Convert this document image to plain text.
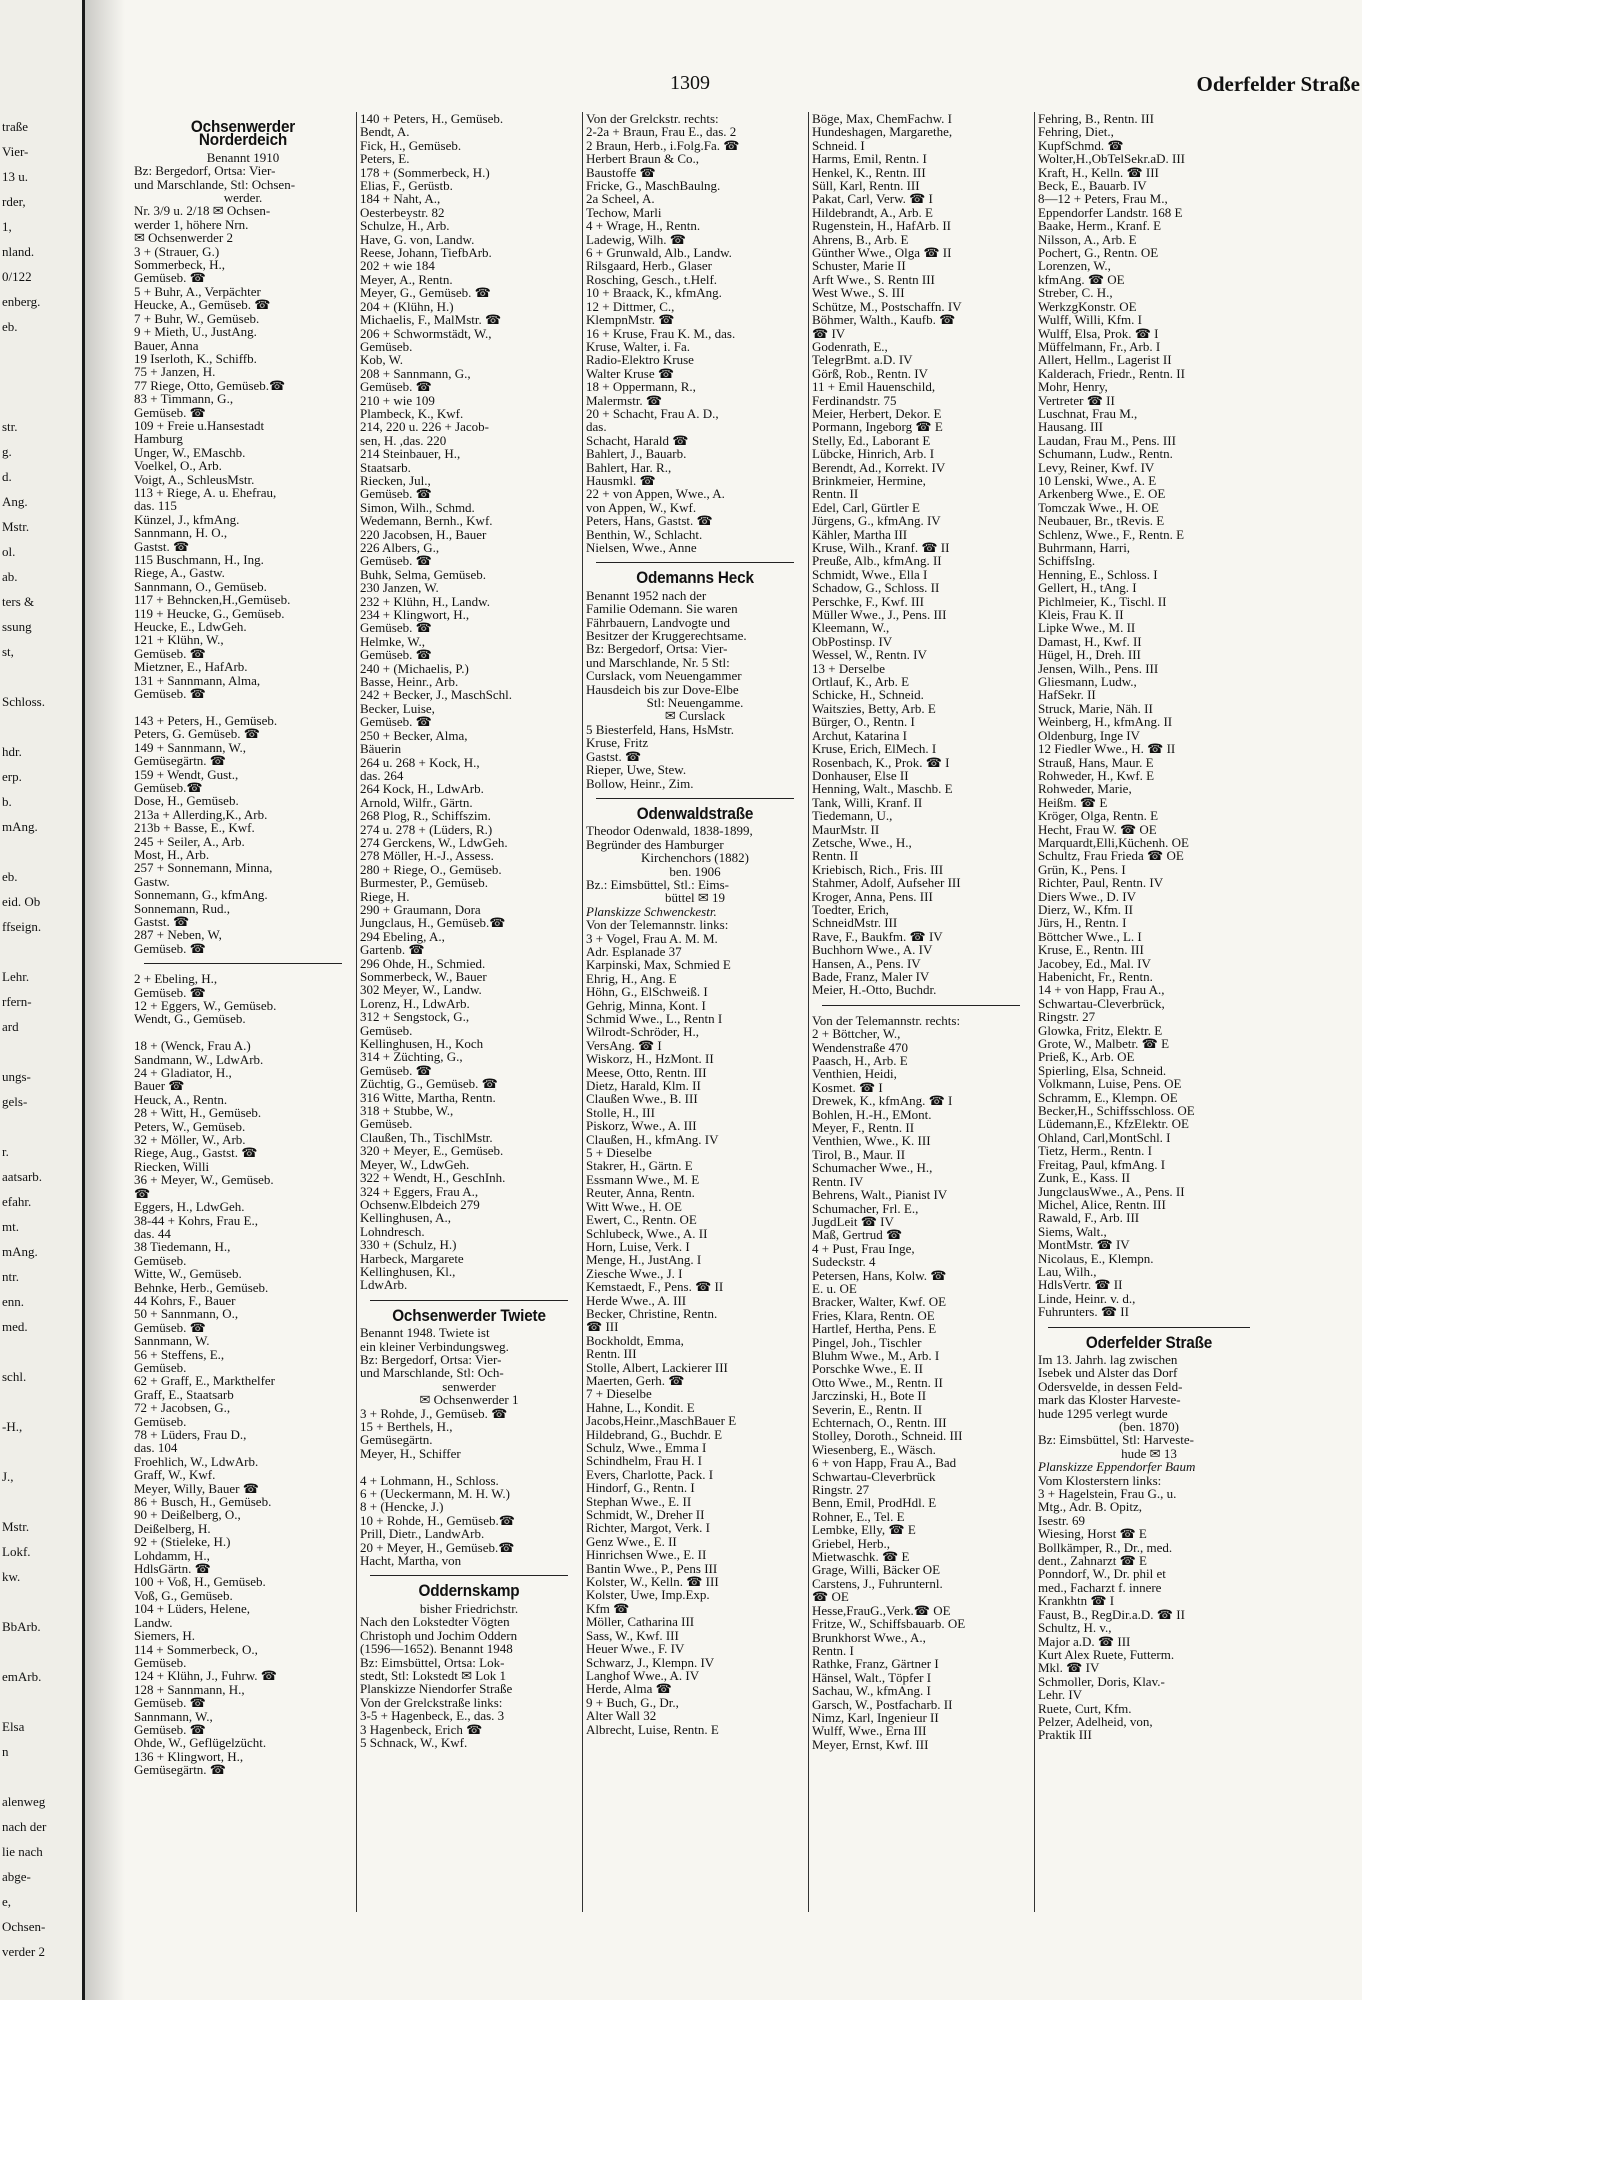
traße
Vier-
13 u.
rder,
1,
nland.
0/122
enberg.
eb.
str.
g.
d.
Ang.
Mstr.
ol.
ab.
ters &
ssung
st,
Schloss.
hdr.
erp.
b.
mAng.
eb.
eid. Ob
ffseign.
Lehr.
rfern-
ard
ungs-
gels-
r.
aatsarb.
efahr.
mt.
mAng.
ntr.
enn.
med.
schl.
-H.,
J.,
Mstr.
Lokf.
kw.
BbArb.
emArb.
Elsa
n
alenweg
nach der
lie nach
abge-
e,
Ochsen-
verder 2
1309	Oderfelder Straße
Ochsenwerder Norderdeich
Benannt 1910
Bz: Bergedorf, Ortsa: Vier-
und Marschlande, Stl: Ochsen-
werder.
Nr. 3/9 u. 2/18 ✉ Ochsen-
werder 1, höhere Nrn.
✉ Ochsenwerder 2
3 + (Strauer, G.)
Sommerbeck, H.,
Gemüseb. ☎
5 + Buhr, A., Verpächter
Heucke, A., Gemüseb. ☎
7 + Buhr, W., Gemüseb.
9 + Mieth, U., JustAng.
Bauer, Anna
19 Iserloth, K., Schiffb.
75 + Janzen, H.
77 Riege, Otto, Gemüseb.☎
83 + Timmann, G.,
Gemüseb. ☎
109 + Freie u.Hansestadt
Hamburg
Unger, W., EMaschb.
Voelkel, O., Arb.
Voigt, A., SchleusMstr.
113 + Riege, A. u. Ehefrau,
das. 115
Künzel, J., kfmAng.
Sannmann, H. O.,
Gastst. ☎
115 Buschmann, H., Ing.
Riege, A., Gastw.
Sannmann, O., Gemüseb.
117 + Behncken,H.,Gemüseb.
119 + Heucke, G., Gemüseb.
Heucke, E., LdwGeh.
121 + Klühn, W.,
Gemüseb. ☎
Mietzner, E., HafArb.
131 + Sannmann, Alma,
Gemüseb. ☎

143 + Peters, H., Gemüseb.
Peters, G. Gemüseb. ☎
149 + Sannmann, W.,
Gemüsegärtn. ☎
159 + Wendt, Gust.,
Gemüseb.☎
Dose, H., Gemüseb.
213a + Allerding,K., Arb.
213b + Basse, E., Kwf.
245 + Seiler, A., Arb.
Most, H., Arb.
257 + Sonnemann, Minna,
Gastw.
Sonnemann, G., kfmAng.
Sonnemann, Rud.,
Gastst. ☎
287 + Neben, W,
Gemüseb. ☎
2 + Ebeling, H.,
Gemüseb. ☎
12 + Eggers, W., Gemüseb.
Wendt, G., Gemüseb.

18 + (Wenck, Frau A.)
Sandmann, W., LdwArb.
24 + Gladiator, H.,
Bauer ☎
Heuck, A., Rentn.
28 + Witt, H., Gemüseb.
Peters, W., Gemüseb.
32 + Möller, W., Arb.
Riege, Aug., Gastst. ☎
Riecken, Willi
36 + Meyer, W., Gemüseb.
☎
Eggers, H., LdwGeh.
38-44 + Kohrs, Frau E.,
das. 44
38 Tiedemann, H.,
Gemüseb.
Witte, W., Gemüseb.
Behnke, Herb., Gemüseb.
44 Kohrs, F., Bauer
50 + Sannmann, O.,
Gemüseb. ☎
Sannmann, W.
56 + Steffens, E.,
Gemüseb.
62 + Graff, E., Markthelfer
Graff, E., Staatsarb
72 + Jacobsen, G.,
Gemüseb.
78 + Lüders, Frau D.,
das. 104
Froehlich, W., LdwArb.
Graff, W., Kwf.
Meyer, Willy, Bauer ☎
86 + Busch, H., Gemüseb.
90 + Deißelberg, O.,
Deißelberg, H.
92 + (Stieleke, H.)
Lohdamm, H.,
HdlsGärtn. ☎
100 + Voß, H., Gemüseb.
Voß, G., Gemüseb.
104 + Lüders, Helene,
Landw.
Siemers, H.
114 + Sommerbeck, O.,
Gemüseb.
124 + Klühn, J., Fuhrw. ☎
128 + Sannmann, H.,
Gemüseb. ☎
Sannmann, W.,
Gemüseb. ☎
Ohde, W., Geflügelzücht.
136 + Klingwort, H.,
Gemüsegärtn. ☎
140 + Peters, H., Gemüseb.
Bendt, A.
Fick, H., Gemüseb.
Peters, E.
178 + (Sommerbeck, H.)
Elias, F., Gerüstb.
184 + Naht, A.,
Oesterbeystr. 82
Schulze, H., Arb.
Have, G. von, Landw.
Reese, Johann, TiefbArb.
202 + wie 184
Meyer, A., Rentn.
Meyer, G., Gemüseb. ☎
204 + (Klühn, H.)
Michaelis, F., MalMstr. ☎
206 + Schwormstädt, W.,
Gemüseb.
Kob, W.
208 + Sannmann, G.,
Gemüseb. ☎
210 + wie 109
Plambeck, K., Kwf.
214, 220 u. 226 + Jacob-
sen, H. ,das. 220
214 Steinbauer, H.,
Staatsarb.
Riecken, Jul.,
Gemüseb. ☎
Simon, Wilh., Schmd.
Wedemann, Bernh., Kwf.
220 Jacobsen, H., Bauer
226 Albers, G.,
Gemüseb. ☎
Buhk, Selma, Gemüseb.
230 Janzen, W.
232 + Klühn, H., Landw.
234 + Klingwort, H.,
Gemüseb. ☎
Helmke, W.,
Gemüseb. ☎
240 + (Michaelis, P.)
Basse, Heinr., Arb.
242 + Becker, J., MaschSchl.
Becker, Luise,
Gemüseb. ☎
250 + Becker, Alma,
Bäuerin
264 u. 268 + Kock, H.,
das. 264
264 Kock, H., LdwArb.
Arnold, Wilfr., Gärtn.
268 Plog, R., Schiffszim.
274 u. 278 + (Lüders, R.)
274 Gerckens, W., LdwGeh.
278 Möller, H.-J., Assess.
280 + Riege, O., Gemüseb.
Burmester, P., Gemüseb.
Riege, H.
290 + Graumann, Dora
Jungclaus, H., Gemüseb.☎
294 Ebeling, A.,
Gartenb. ☎
296 Ohde, H., Schmied.
Sommerbeck, W., Bauer
302 Meyer, W., Landw.
Lorenz, H., LdwArb.
312 + Sengstock, G.,
Gemüseb.
Kellinghusen, H., Koch
314 + Züchting, G.,
Gemüseb. ☎
Züchtig, G., Gemüseb. ☎
316 Witte, Martha, Rentn.
318 + Stubbe, W.,
Gemüseb.
Claußen, Th., TischlMstr.
320 + Meyer, E., Gemüseb.
Meyer, W., LdwGeh.
322 + Wendt, H., GeschInh.
324 + Eggers, Frau A.,
Ochsenw.Elbdeich 279
Kellinghusen, A.,
Lohndresch.
330 + (Schulz, H.)
Harbeck, Margarete
Kellinghusen, Kl.,
LdwArb.
Ochsenwerder Twiete
Benannt 1948. Twiete ist
ein kleiner Verbindungsweg.
Bz: Bergedorf, Ortsa: Vier-
und Marschlande, Stl: Och-
senwerder
✉ Ochsenwerder 1
3 + Rohde, J., Gemüseb. ☎
15 + Berthels, H.,
Gemüsegärtn.
Meyer, H., Schiffer

4 + Lohmann, H., Schloss.
6 + (Ueckermann, M. H. W.)
8 + (Hencke, J.)
10 + Rohde, H., Gemüseb.☎
Prill, Dietr., LandwArb.
20 + Meyer, H., Gemüseb.☎
Hacht, Martha, von
Oddernskamp
bisher Friedrichstr.
Nach den Lokstedter Vögten
Christoph und Jochim Oddern
(1596—1652). Benannt 1948
Bz: Eimsbüttel, Ortsa: Lok-
stedt, Stl: Lokstedt ✉ Lok 1
Planskizze Niendorfer Straße
Von der Grelckstraße links:
3-5 + Hagenbeck, E., das. 3
3 Hagenbeck, Erich ☎
5 Schnack, W., Kwf.
Von der Grelckstr. rechts:
2-2a + Braun, Frau E., das. 2
2 Braun, Herb., i.Folg.Fa. ☎
Herbert Braun & Co.,
Baustoffe ☎
Fricke, G., MaschBaulng.
2a Scheel, A.
Techow, Marli
4 + Wrage, H., Rentn.
Ladewig, Wilh. ☎
6 + Grunwald, Alb., Landw.
Rilsgaard, Herb., Glaser
Rosching, Gesch., t.Helf.
10 + Braack, K., kfmAng.
12 + Dittmer, C.,
KlempnMstr. ☎
16 + Kruse, Frau K. M., das.
Kruse, Walter, i. Fa.
Radio-Elektro Kruse
Walter Kruse ☎
18 + Oppermann, R.,
Malermstr. ☎
20 + Schacht, Frau A. D.,
das.
Schacht, Harald ☎
Bahlert, J., Bauarb.
Bahlert, Har. R.,
Hausmkl. ☎
22 + von Appen, Wwe., A.
von Appen, W., Kwf.
Peters, Hans, Gastst. ☎
Benthin, W., Schlacht.
Nielsen, Wwe., Anne
Odemanns Heck
Benannt 1952 nach der
Familie Odemann. Sie waren
Fährbauern, Landvogte und
Besitzer der Kruggerechtsame.
Bz: Bergedorf, Ortsa: Vier-
und Marschlande, Nr. 5 Stl:
Curslack, vom Neuengammer
Hausdeich bis zur Dove-Elbe
Stl: Neuengamme.
✉ Curslack
5 Biesterfeld, Hans, HsMstr.
Kruse, Fritz
Gastst. ☎
Rieper, Uwe, Stew.
Bollow, Heinr., Zim.
Odenwaldstraße
Theodor Odenwald, 1838-1899,
Begründer des Hamburger
Kirchenchors (1882)
ben. 1906
Bz.: Eimsbüttel, Stl.: Eims-
büttel ✉ 19
Planskizze Schwenckestr.
Von der Telemannstr. links:
3 + Vogel, Frau A. M. M.
Adr. Esplanade 37
Karpinski, Max, Schmied E
Ehrig, H., Ang. E
Höhn, G., ElSchweiß. I
Gehrig, Minna, Kont. I
Schmid Wwe., L., Rentn I
Wilrodt-Schröder, H.,
VersAng. ☎ I
Wiskorz, H., HzMont. II
Meese, Otto, Rentn. III
Dietz, Harald, Klm. II
Claußen Wwe., B. III
Stolle, H., III
Piskorz, Wwe., A. III
Claußen, H., kfmAng. IV
5 + Dieselbe
Stakrer, H., Gärtn. E
Essmann Wwe., M. E
Reuter, Anna, Rentn.
Witt Wwe., H. OE
Ewert, C., Rentn. OE
Schlubeck, Wwe., A. II
Horn, Luise, Verk. I
Menge, H., JustAng. I
Ziesche Wwe., J. I
Kemstaedt, F., Pens. ☎ II
Herde Wwe., A. III
Becker, Christine, Rentn.
☎ III
Bockholdt, Emma,
Rentn. III
Stolle, Albert, Lackierer III
Maerten, Gerh. ☎
7 + Dieselbe
Hahne, L., Kondit. E
Jacobs,Heinr.,MaschBauer E
Hildebrand, G., Buchdr. E
Schulz, Wwe., Emma I
Schindhelm, Frau H. I
Evers, Charlotte, Pack. I
Hindorf, G., Rentn. I
Stephan Wwe., E. II
Schmidt, W., Dreher II
Richter, Margot, Verk. I
Genz Wwe., E. II
Hinrichsen Wwe., E. II
Bantin Wwe., P., Pens III
Kolster, W., Kelln. ☎ III
Kolster, Uwe, Imp.Exp.
Kfm ☎
Möller, Catharina III
Sass, W., Kwf. III
Heuer Wwe., F. IV
Schwarz, J., Klempn. IV
Langhof Wwe., A. IV
Herde, Alma ☎
9 + Buch, G., Dr.,
Alter Wall 32
Albrecht, Luise, Rentn. E
Böge, Max, ChemFachw. I
Hundeshagen, Margarethe,
Schneid. I
Harms, Emil, Rentn. I
Henkel, K., Rentn. III
Süll, Karl, Rentn. III
Pakat, Carl, Verw. ☎ I
Hildebrandt, A., Arb. E
Rugenstein, H., HafArb. II
Ahrens, B., Arb. E
Günther Wwe., Olga ☎ II
Schuster, Marie II
Arft Wwe., S. Rentn III
West Wwe., S. III
Schütze, M., Postschaffn. IV
Böhmer, Walth., Kaufb. ☎
☎ IV
Godenrath, E.,
TelegrBmt. a.D. IV
Görß, Rob., Rentn. IV
11 + Emil Hauenschild,
Ferdinandstr. 75
Meier, Herbert, Dekor. E
Pormann, Ingeborg ☎ E
Stelly, Ed., Laborant E
Lübcke, Hinrich, Arb. I
Berendt, Ad., Korrekt. IV
Brinkmeier, Hermine,
Rentn. II
Edel, Carl, Gürtler E
Jürgens, G., kfmAng. IV
Kähler, Martha III
Kruse, Wilh., Kranf. ☎ II
Preuße, Alb., kfmAng. II
Schmidt, Wwe., Ella I
Schadow, G., Schloss. II
Perschke, F., Kwf. III
Müller Wwe., J., Pens. III
Kleemann, W.,
ObPostinsp. IV
Wessel, W., Rentn. IV
13 + Derselbe
Ortlauf, K., Arb. E
Schicke, H., Schneid.
Waitszies, Betty, Arb. E
Bürger, O., Rentn. I
Archut, Katarina I
Kruse, Erich, ElMech. I
Rosenbach, K., Prok. ☎ I
Donhauser, Else II
Henning, Walt., Maschb. E
Tank, Willi, Kranf. II
Tiedemann, U.,
MaurMstr. II
Zetsche, Wwe., H.,
Rentn. II
Kriebisch, Rich., Fris. III
Stahmer, Adolf, Aufseher III
Kroger, Anna, Pens. III
Toedter, Erich,
SchneidMstr. III
Rave, F., Baukfm. ☎ IV
Buchhorn Wwe., A. IV
Hansen, A., Pens. IV
Bade, Franz, Maler IV
Meier, H.-Otto, Buchdr.
Von der Telemannstr. rechts:
2 + Böttcher, W.,
Wendenstraße 470
Paasch, H., Arb. E
Venthien, Heidi,
Kosmet. ☎ I
Drewek, K., kfmAng. ☎ I
Bohlen, H.-H., EMont.
Meyer, F., Rentn. II
Venthien, Wwe., K. III
Tirol, B., Maur. II
Schumacher Wwe., H.,
Rentn. IV
Behrens, Walt., Pianist IV
Schumacher, Frl. E.,
JugdLeit ☎ IV
Maß, Gertrud ☎
4 + Pust, Frau Inge,
Sudeckstr. 4
Petersen, Hans, Kolw. ☎
E. u. OE
Bracker, Walter, Kwf. OE
Fries, Klara, Rentn. OE
Hartlef, Hertha, Pens. E
Pingel, Joh., Tischler
Bluhm Wwe., M., Arb. I
Porschke Wwe., E. II
Otto Wwe., M., Rentn. II
Jarczinski, H., Bote II
Severin, E., Rentn. II
Echternach, O., Rentn. III
Stolley, Doroth., Schneid. III
Wiesenberg, E., Wäsch.
6 + von Happ, Frau A., Bad
Schwartau-Cleverbrück
Ringstr. 27
Benn, Emil, ProdHdl. E
Rohner, E., Tel. E
Lembke, Elly, ☎ E
Griebel, Herb.,
Mietwaschk. ☎ E
Grage, Willi, Bäcker OE
Carstens, J., Fuhrunternl.
☎ OE
Hesse,FrauG.,Verk.☎ OE
Fritze, W., Schiffsbauarb. OE
Brunkhorst Wwe., A.,
Rentn. I
Rathke, Franz, Gärtner I
Hänsel, Walt., Töpfer I
Sachau, W., kfmAng. I
Garsch, W., Postfacharb. II
Nimz, Karl, Ingenieur II
Wulff, Wwe., Erna III
Meyer, Ernst, Kwf. III
Fehring, B., Rentn. III
Fehring, Diet.,
KupfSchmd. ☎
Wolter,H.,ObTelSekr.aD. III
Kraft, H., Kelln. ☎ III
Beck, E., Bauarb. IV
8—12 + Peters, Frau M.,
Eppendorfer Landstr. 168 E
Baake, Herm., Kranf. E
Nilsson, A., Arb. E
Pochert, G., Rentn. OE
Lorenzen, W.,
kfmAng. ☎ OE
Streber, C. H.,
WerkzgKonstr. OE
Wulff, Willi, Kfm. I
Wulff, Elsa, Prok. ☎ I
Müffelmann, Fr., Arb. I
Allert, Hellm., Lagerist II
Kalderach, Friedr., Rentn. II
Mohr, Henry,
Vertreter ☎ II
Luschnat, Frau M.,
Hausang. III
Laudan, Frau M., Pens. III
Schumann, Ludw., Rentn.
Levy, Reiner, Kwf. IV
10 Lenski, Wwe., A. E
Arkenberg Wwe., E. OE
Tomczak Wwe., H. OE
Neubauer, Br., tRevis. E
Schlenz, Wwe., F., Rentn. E
Buhrmann, Harri,
SchiffsIng.
Henning, E., Schloss. I
Gellert, H., tAng. I
Pichlmeier, K., Tischl. II
Kleis, Frau K. II
Lipke Wwe., M. II
Damast, H., Kwf. II
Hügel, H., Dreh. III
Jensen, Wilh., Pens. III
Gliesmann, Ludw.,
HafSekr. II
Struck, Marie, Näh. II
Weinberg, H., kfmAng. II
Oldenburg, Inge IV
12 Fiedler Wwe., H. ☎ II
Strauß, Hans, Maur. E
Rohweder, H., Kwf. E
Rohweder, Marie,
Heißm. ☎ E
Kröger, Olga, Rentn. E
Hecht, Frau W. ☎ OE
Marquardt,Elli,Küchenh. OE
Schultz, Frau Frieda ☎ OE
Grün, K., Pens. I
Richter, Paul, Rentn. IV
Diers Wwe., D. IV
Dierz, W., Kfm. II
Jürs, H., Rentn. I
Böttcher Wwe., L. I
Kruse, E., Rentn. III
Jacobey, Ed., Mal. IV
Habenicht, Fr., Rentn.
14 + von Happ, Frau A.,
Schwartau-Cleverbrück,
Ringstr. 27
Glowka, Fritz, Elektr. E
Grote, W., Malbetr. ☎ E
Prieß, K., Arb. OE
Spierling, Elsa, Schneid.
Volkmann, Luise, Pens. OE
Schramm, E., Klempn. OE
Becker,H., Schiffsschloss. OE
Lüdemann,E., KfzElektr. OE
Ohland, Carl,MontSchl. I
Tietz, Herm., Rentn. I
Freitag, Paul, kfmAng. I
Zunk, E., Kass. II
JungclausWwe., A., Pens. II
Michel, Alice, Rentn. III
Rawald, F., Arb. III
Siems, Walt.,
MontMstr. ☎ IV
Nicolaus, E., Klempn.
Lau, Wilh.,
HdlsVertr. ☎ II
Linde, Heinr. v. d.,
Fuhrunters. ☎ II
Oderfelder Straße
Im 13. Jahrh. lag zwischen
Isebek und Alster das Dorf
Odersvelde, in dessen Feld-
mark das Kloster Harveste-
hude 1295 verlegt wurde
(ben. 1870)
Bz: Eimsbüttel, Stl: Harveste-
hude ✉ 13
Planskizze Eppendorfer Baum
Vom Klosterstern links:
3 + Hagelstein, Frau G., u.
Mtg., Adr. B. Opitz,
Isestr. 69
Wiesing, Horst ☎ E
Bollkämper, R., Dr., med.
dent., Zahnarzt ☎ E
Ponndorf, W., Dr. phil et
med., Facharzt f. innere
Krankhtn ☎ I
Faust, B., RegDir.a.D. ☎ II
Schultz, H. v.,
Major a.D. ☎ III
Kurt Alex Ruete, Futterm.
Mkl. ☎ IV
Schmoller, Doris, Klav.-
Lehr. IV
Ruete, Curt, Kfm.
Pelzer, Adelheid, von,
Praktik III
